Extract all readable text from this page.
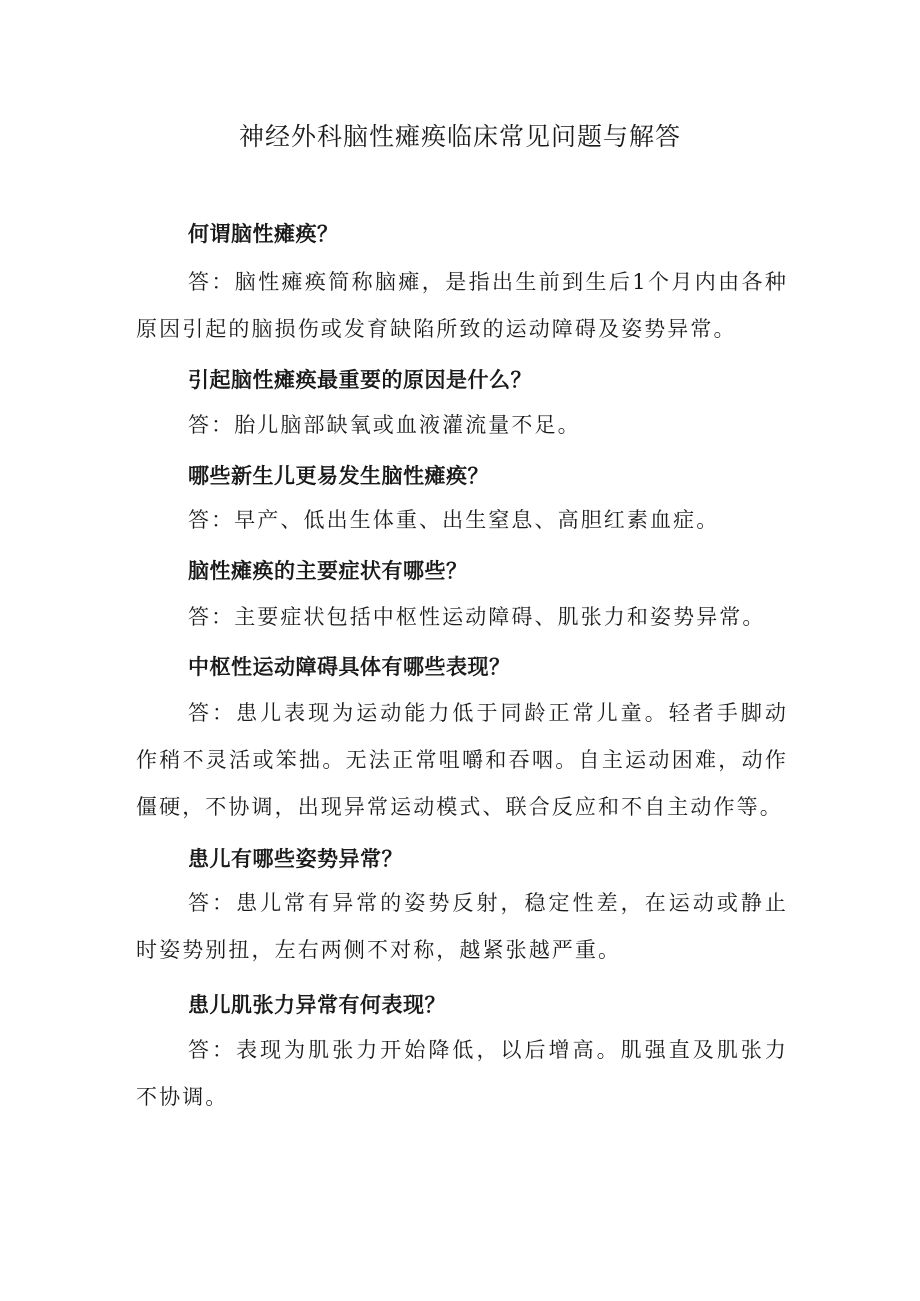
神经外科脑性瘫痪临床常见问题与解答

何谓脑性瘫痪？

答：脑性瘫痪简称脑瘫，是指出生前到生后1个月内由各种原因引起的脑损伤或发育缺陷所致的运动障碍及姿势异常。

引起脑性瘫痪最重要的原因是什么？

答：胎儿脑部缺氧或血液灌流量不足。

哪些新生儿更易发生脑性瘫痪？

答：早产、低出生体重、出生窒息、高胆红素血症。

脑性瘫痪的主要症状有哪些？

答：主要症状包括中枢性运动障碍、肌张力和姿势异常。

中枢性运动障碍具体有哪些表现？

答：患儿表现为运动能力低于同龄正常儿童。轻者手脚动作稍不灵活或笨拙。无法正常咀嚼和吞咽。自主运动困难，动作僵硬，不协调，出现异常运动模式、联合反应和不自主动作等。

患儿有哪些姿势异常？

答：患儿常有异常的姿势反射，稳定性差，在运动或静止时姿势别扭，左右两侧不对称，越紧张越严重。

患儿肌张力异常有何表现？

答：表现为肌张力开始降低，以后增高。肌强直及肌张力不协调。
